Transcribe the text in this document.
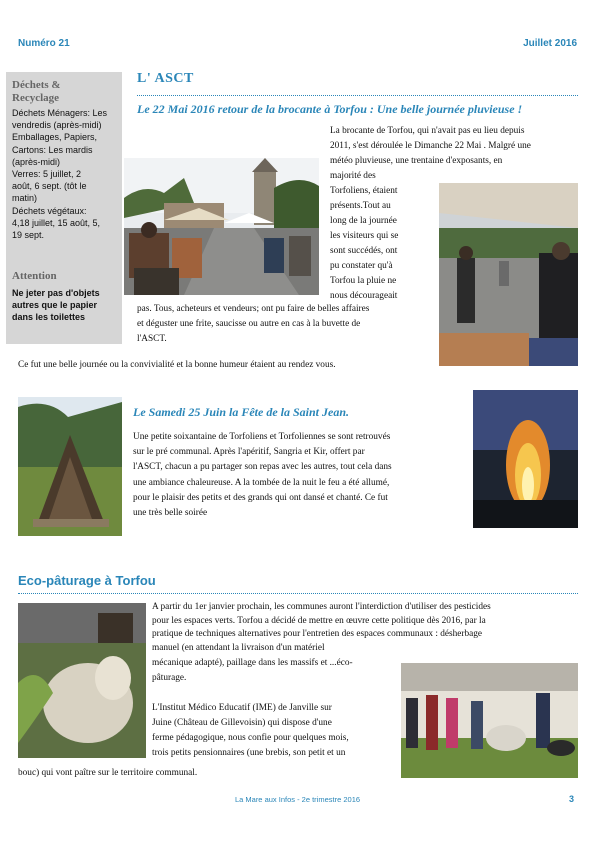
Numéro 21	Juillet 2016
Déchets &
Recyclage
Déchets Ménagers: Les
vendredis (après-midi)
Emballages, Papiers,
Cartons: Les mardis
(après-midi)
Verres: 5 juillet, 2
août, 6 sept. (tôt le
matin)
Déchets végétaux:
4,18 juillet, 15 août, 5,
19 sept.
Attention
Ne jeter pas d'objets
autres que le papier
dans les toilettes
L' ASCT
Le 22 Mai 2016 retour de la brocante à Torfou : Une belle journée pluvieuse !
La brocante de Torfou, qui n'avait pas eu lieu depuis
2011, s'est déroulée le Dimanche 22 Mai . Malgré une
météo pluvieuse, une trentaine d'exposants, en
majorité des
Torfoliens, étaient
présents.Tout au
long de la journée
les visiteurs qui se
sont succédés, ont
pu constater qu'à
Torfou la pluie ne
nous décourageait
pas. Tous, acheteurs et vendeurs; ont pu faire de belles affaires
et déguster une frite, saucisse ou autre en cas à la buvette de
l'ASCT.
Ce fut une belle journée ou la convivialité et la bonne humeur étaient au rendez vous.
Le Samedi 25 Juin la Fête de la Saint Jean.
Une petite soixantaine de Torfoliens et Torfoliennes se sont retrouvés
sur le pré communal. Après l'apéritif, Sangria et Kir, offert par
l'ASCT, chacun a pu partager son repas avec les autres, tout cela dans
une ambiance chaleureuse. A la tombée de la nuit le feu a été allumé,
pour le plaisir des petits et des grands qui ont dansé et chanté. Ce fut
une très belle soirée
Eco-pâturage à Torfou
A partir du 1er janvier prochain, les communes auront l'interdiction d'utiliser des pesticides
pour les espaces verts. Torfou a décidé de mettre en œuvre cette politique dès 2016, par la
pratique de techniques alternatives pour l'entretien des espaces communaux : désherbage
manuel (en attendant la livraison d'un matériel
mécanique adapté), paillage dans les massifs et ...éco-
pâturage.
L'Institut Médico Educatif (IME) de Janville sur
Juine (Château de Gillevoisin) qui dispose d'une
ferme pédagogique, nous confie pour quelques mois,
trois petits pensionnaires (une brebis, son petit et un
bouc) qui vont paître sur le territoire communal.
La Mare aux Infos - 2e trimestre 2016	3
